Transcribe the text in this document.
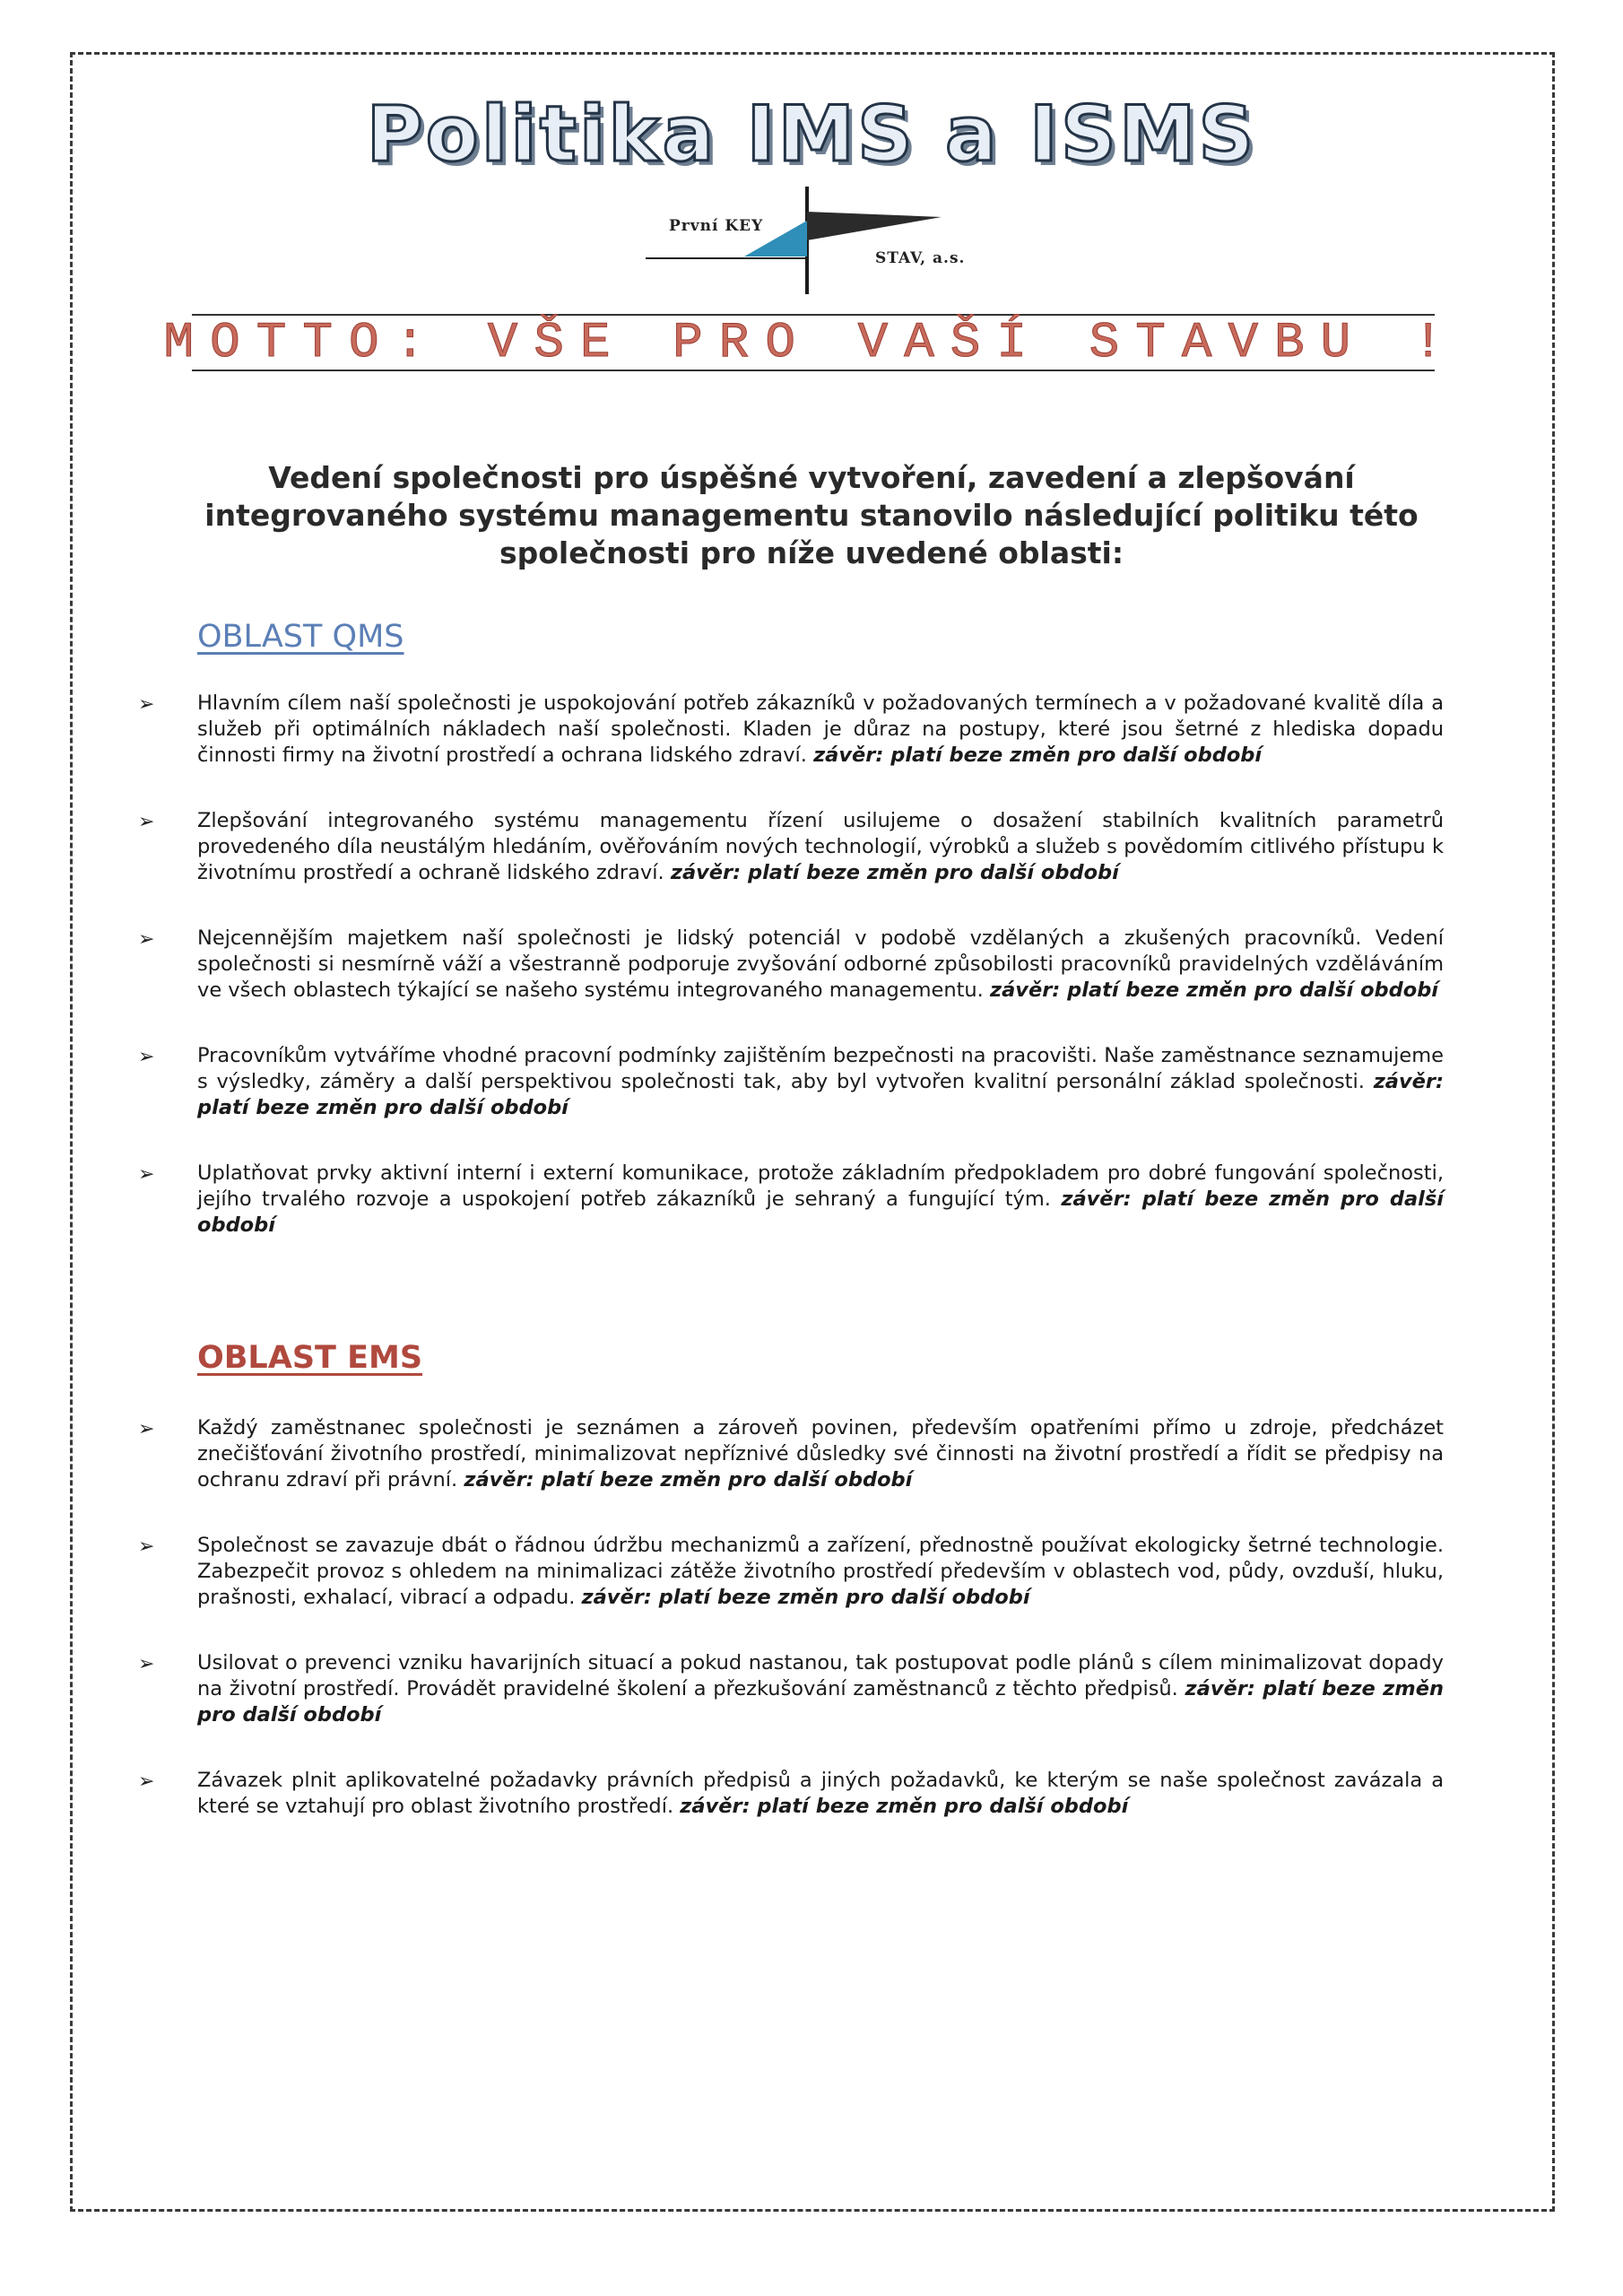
Politika IMS a ISMS
První KEY
STAV, a.s.
MOTTO: VŠE PRO VAŠÍ STAVBU !
Vedení společnosti pro úspěšné vytvoření, zavedení a zlepšování integrovaného systému managementu stanovilo následující politiku této společnosti pro níže uvedené oblasti:
OBLAST QMS
➢ Hlavním cílem naší společnosti je uspokojování potřeb zákazníků v požadovaných termínech a v požadované kvalitě díla a služeb při optimálních nákladech naší společnosti. Kladen je důraz na postupy, které jsou šetrné z hlediska dopadu činnosti firmy na životní prostředí a ochrana lidského zdraví. závěr: platí beze změn pro další období
➢ Zlepšování integrovaného systému managementu řízení usilujeme o dosažení stabilních kvalitních parametrů provedeného díla neustálým hledáním, ověřováním nových technologií, výrobků a služeb s povědomím citlivého přístupu k životnímu prostředí a ochraně lidského zdraví. závěr: platí beze změn pro další období
➢ Nejcennějším majetkem naší společnosti je lidský potenciál v podobě vzdělaných a zkušených pracovníků. Vedení společnosti si nesmírně váží a všestranně podporuje zvyšování odborné způsobilosti pracovníků pravidelných vzděláváním ve všech oblastech týkající se našeho systému integrovaného managementu. závěr: platí beze změn pro další období
➢ Pracovníkům vytváříme vhodné pracovní podmínky zajištěním bezpečnosti na pracovišti. Naše zaměstnance seznamujeme s výsledky, záměry a další perspektivou společnosti tak, aby byl vytvořen kvalitní personální základ společnosti. závěr: platí beze změn pro další období
➢ Uplatňovat prvky aktivní interní i externí komunikace, protože základním předpokladem pro dobré fungování společnosti, jejího trvalého rozvoje a uspokojení potřeb zákazníků je sehraný a fungující tým. závěr: platí beze změn pro další období
OBLAST EMS
➢ Každý zaměstnanec společnosti je seznámen a zároveň povinen, především opatřeními přímo u zdroje, předcházet znečišťování životního prostředí, minimalizovat nepříznivé důsledky své činnosti na životní prostředí a řídit se předpisy na ochranu zdraví při právní. závěr: platí beze změn pro další období
➢ Společnost se zavazuje dbát o řádnou údržbu mechanizmů a zařízení, přednostně používat ekologicky šetrné technologie. Zabezpečit provoz s ohledem na minimalizaci zátěže životního prostředí především v oblastech vod, půdy, ovzduší, hluku, prašnosti, exhalací, vibrací a odpadu. závěr: platí beze změn pro další období
➢ Usilovat o prevenci vzniku havarijních situací a pokud nastanou, tak postupovat podle plánů s cílem minimalizovat dopady na životní prostředí. Provádět pravidelné školení a přezkušování zaměstnanců z těchto předpisů. závěr: platí beze změn pro další období
➢ Závazek plnit aplikovatelné požadavky právních předpisů a jiných požadavků, ke kterým se naše společnost zavázala a které se vztahují pro oblast životního prostředí. závěr: platí beze změn pro další období
